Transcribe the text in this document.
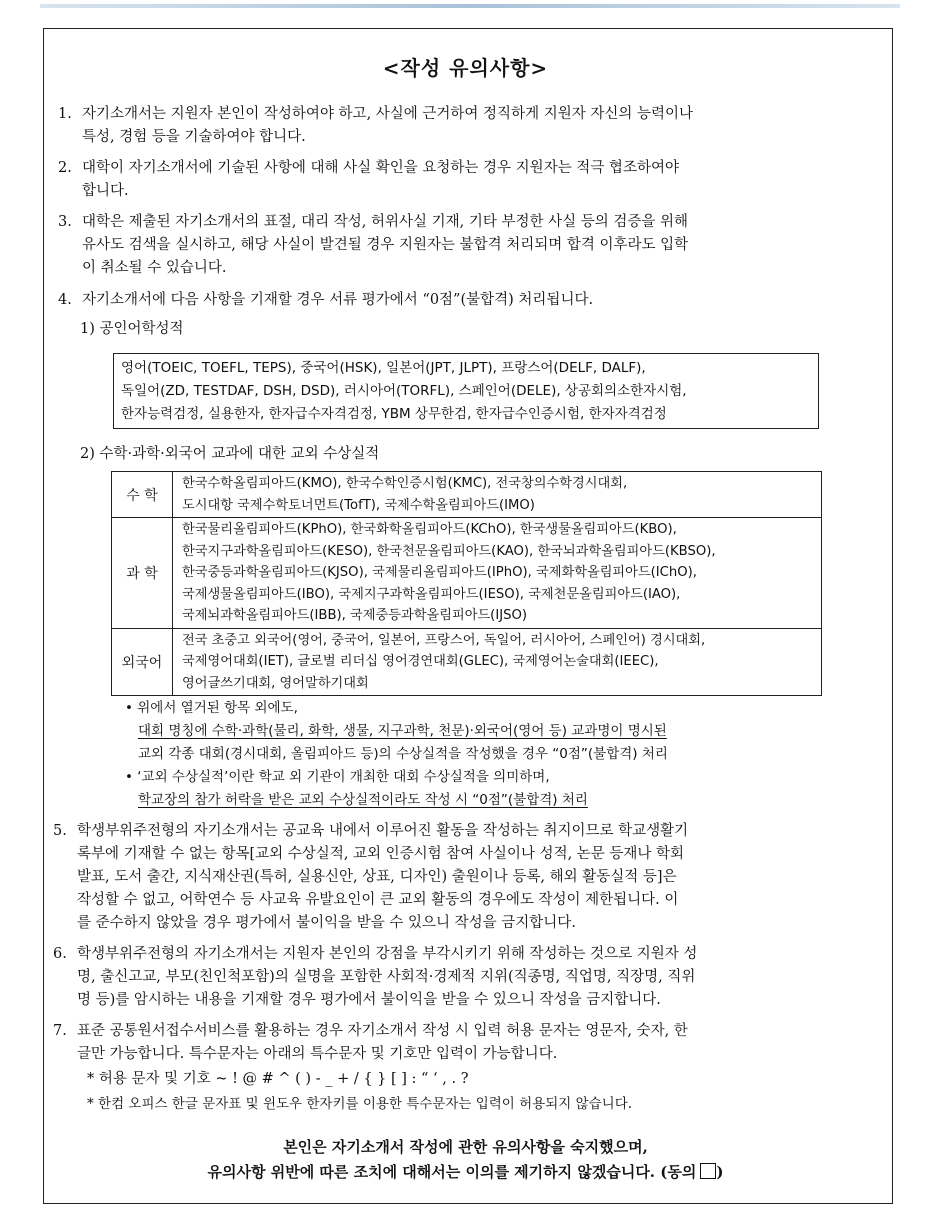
<작성 유의사항>
1. 자기소개서는 지원자 본인이 작성하여야 하고, 사실에 근거하여 정직하게 지원자 자신의 능력이나
특성, 경험 등을 기술하여야 합니다.
2. 대학이 자기소개서에 기술된 사항에 대해 사실 확인을 요청하는 경우 지원자는 적극 협조하여야
합니다.
3. 대학은 제출된 자기소개서의 표절, 대리 작성, 허위사실 기재, 기타 부정한 사실 등의 검증을 위해
유사도 검색을 실시하고, 해당 사실이 발견될 경우 지원자는 불합격 처리되며 합격 이후라도 입학
이 취소될 수 있습니다.
4. 자기소개서에 다음 사항을 기재할 경우 서류 평가에서 “0점”(불합격) 처리됩니다.
1) 공인어학성적
영어(TOEIC, TOEFL, TEPS), 중국어(HSK), 일본어(JPT, JLPT), 프랑스어(DELF, DALF),
독일어(ZD, TESTDAF, DSH, DSD), 러시아어(TORFL), 스페인어(DELE), 상공회의소한자시험,
한자능력검정, 실용한자, 한자급수자격검정, YBM 상무한검, 한자급수인증시험, 한자자격검정
2) 수학·과학·외국어 교과에 대한 교외 수상실적
수 학	한국수학올림피아드(KMO), 한국수학인증시험(KMC), 전국창의수학경시대회,
도시대항 국제수학토너먼트(TofT), 국제수학올림피아드(IMO)

과 학	한국물리올림피아드(KPhO), 한국화학올림피아드(KChO), 한국생물올림피아드(KBO),
한국지구과학올림피아드(KESO), 한국천문올림피아드(KAO), 한국뇌과학올림피아드(KBSO),
한국중등과학올림피아드(KJSO), 국제물리올림피아드(IPhO), 국제화학올림피아드(IChO),
국제생물올림피아드(IBO), 국제지구과학올림피아드(IESO), 국제천문올림피아드(IAO),
국제뇌과학올림피아드(IBB), 국제중등과학올림피아드(IJSO)

외국어	전국 초중고 외국어(영어, 중국어, 일본어, 프랑스어, 독일어, 러시아어, 스페인어) 경시대회,
국제영어대회(IET), 글로벌 리더십 영어경연대회(GLEC), 국제영어논술대회(IEEC),
영어글쓰기대회, 영어말하기대회
• 위에서 열거된 항목 외에도,
대회 명칭에 수학·과학(물리, 화학, 생물, 지구과학, 천문)·외국어(영어 등) 교과명이 명시된
교외 각종 대회(경시대회, 올림피아드 등)의 수상실적을 작성했을 경우 “0점”(불합격) 처리
• ‘교외 수상실적’이란 학교 외 기관이 개최한 대회 수상실적을 의미하며,
학교장의 참가 허락을 받은 교외 수상실적이라도 작성 시 “0점”(불합격) 처리
5. 학생부위주전형의 자기소개서는 공교육 내에서 이루어진 활동을 작성하는 취지이므로 학교생활기
록부에 기재할 수 없는 항목[교외 수상실적, 교외 인증시험 참여 사실이나 성적, 논문 등재나 학회
발표, 도서 출간, 지식재산권(특허, 실용신안, 상표, 디자인) 출원이나 등록, 해외 활동실적 등]은
작성할 수 없고, 어학연수 등 사교육 유발요인이 큰 교외 활동의 경우에도 작성이 제한됩니다. 이
를 준수하지 않았을 경우 평가에서 불이익을 받을 수 있으니 작성을 금지합니다.
6. 학생부위주전형의 자기소개서는 지원자 본인의 강점을 부각시키기 위해 작성하는 것으로 지원자 성
명, 출신고교, 부모(친인척포함)의 실명을 포함한 사회적·경제적 지위(직종명, 직업명, 직장명, 직위
명 등)를 암시하는 내용을 기재할 경우 평가에서 불이익을 받을 수 있으니 작성을 금지합니다.
7. 표준 공통원서접수서비스를 활용하는 경우 자기소개서 작성 시 입력 허용 문자는 영문자, 숫자, 한
글만 가능합니다. 특수문자는 아래의 특수문자 및 기호만 입력이 가능합니다.
* 허용 문자 및 기호 ~ ! @ # ^ ( ) - _ + / { } [ ] : “ ‘ , . ?
* 한컴 오피스 한글 문자표 및 윈도우 한자키를 이용한 특수문자는 입력이 허용되지 않습니다.
본인은 자기소개서 작성에 관한 유의사항을 숙지했으며,
유의사항 위반에 따른 조치에 대해서는 이의를 제기하지 않겠습니다. (동의 )
